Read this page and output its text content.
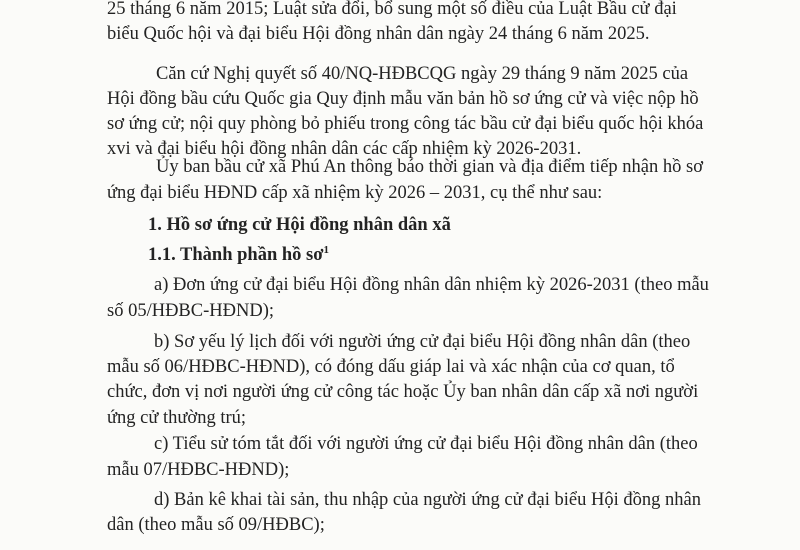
25 tháng 6 năm 2015; Luật sửa đổi, bổ sung một số điều của Luật Bầu cử đại
biểu Quốc hội và đại biểu Hội đồng nhân dân ngày 24 tháng 6 năm 2025.
Căn cứ Nghị quyết số 40/NQ-HĐBCQG ngày 29 tháng 9 năm 2025 của
Hội đồng bầu cứu Quốc gia Quy định mẫu văn bản hồ sơ ứng cử và việc nộp hồ
sơ ứng cử; nội quy phòng bỏ phiếu trong công tác bầu cử đại biểu quốc hội khóa
xvi và đại biểu hội đồng nhân dân các cấp nhiệm kỳ 2026-2031.
Ủy ban bầu cử xã Phú An thông báo thời gian và địa điểm tiếp nhận hồ sơ
ứng đại biểu HĐND cấp xã nhiệm kỳ 2026 – 2031, cụ thể như sau:
1. Hồ sơ ứng cử Hội đồng nhân dân xã
1.1. Thành phần hồ $sơ^1$
a) Đơn ứng cử đại biểu Hội đồng nhân dân nhiệm kỳ 2026-2031 (theo mẫu
số 05/HĐBC-HĐND);
b) Sơ yếu lý lịch đối với người ứng cử đại biểu Hội đồng nhân dân (theo
mẫu số 06/HĐBC-HĐND), có đóng dấu giáp lai và xác nhận của cơ quan, tổ
chức, đơn vị nơi người ứng cử công tác hoặc Ủy ban nhân dân cấp xã nơi người
ứng cử thường trú;
c) Tiểu sử tóm tắt đối với người ứng cử đại biểu Hội đồng nhân dân (theo
mẫu 07/HĐBC-HĐND);
d) Bản kê khai tài sản, thu nhập của người ứng cử đại biểu Hội đồng nhân
dân (theo mẫu số 09/HĐBC);
